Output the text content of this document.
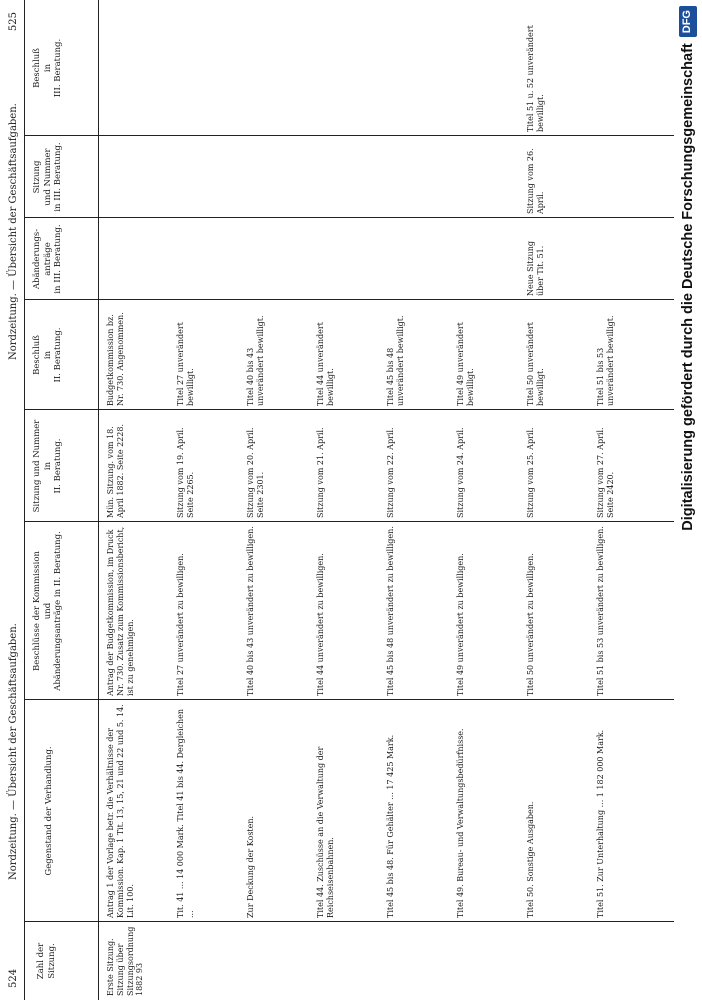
524
Nordzeitung. — Übersicht der Geschäftsaufgaben.
Nordzeitung. — Übersicht der Geschäftsaufgaben.
525
Zahl der
Sitzung.
Gegenstand der Verhandlung.
Beschlüsse der Kommission
und
Abänderungsanträge in II. Beratung.
Sitzung und Nummer
in
II. Beratung.
Beschluß
in
II. Beratung.
Abänderungs-
anträge
in III. Beratung.
Sitzung
und Nummer
in III. Beratung.
Beschluß
in
III. Beratung.
Erste Sitzung. Sitzung über Sitzungsordnung 1882 93
Antrag 1 der Vorlage betr. die Verhältnisse der Kommission. Kap. 1 Tit. 13, 15, 21 und 22 und 5. 14. Lit. 100.
Antrag der Budgetkommission, im Druck Nr. 730. Zusatz zum Kommissionsbericht, ist zu genehmigen.
Mün. Sitzung. vom 18. April 1882. Seite 2228.
Budgetkommission bz. Nr. 730. Angenommen.
Tit. 41 ... 14 000 Mark. Titel 41 bis 44. Dergleichen ...
Titel 27 unverändert zu bewilligen.
Sitzung vom 19. April. Seite 2265.
Titel 27 unverändert bewilligt.
Zur Deckung der Kosten.
Titel 40 bis 43 unverändert zu bewilligen.
Sitzung vom 20. April. Seite 2301.
Titel 40 bis 43 unverändert bewilligt.
Titel 44. Zuschüsse an die Verwaltung der Reichseisenbahnen.
Titel 44 unverändert zu bewilligen.
Sitzung vom 21. April.
Titel 44 unverändert bewilligt.
Titel 45 bis 48. Für Gehälter ... 17 425 Mark.
Titel 45 bis 48 unverändert zu bewilligen.
Sitzung vom 22. April.
Titel 45 bis 48 unverändert bewilligt.
Titel 49. Bureau- und Verwaltungsbedürfnisse.
Titel 49 unverändert zu bewilligen.
Sitzung vom 24. April.
Titel 49 unverändert bewilligt.
Titel 50. Sonstige Ausgaben.
Titel 50 unverändert zu bewilligen.
Sitzung vom 25. April.
Titel 50 unverändert bewilligt.
Neue Sitzung über Tit. 51.
Sitzung vom 26. April.
Titel 51 u. 52 unverändert bewilligt.
Titel 51. Zur Unterhaltung ... 1 182 000 Mark.
Titel 51 bis 53 unverändert zu bewilligen.
Sitzung vom 27. April. Seite 2420.
Titel 51 bis 53 unverändert bewilligt.	Digitalisierung gefördert durch die Deutsche Forschungsgemeinschaft
DFG
